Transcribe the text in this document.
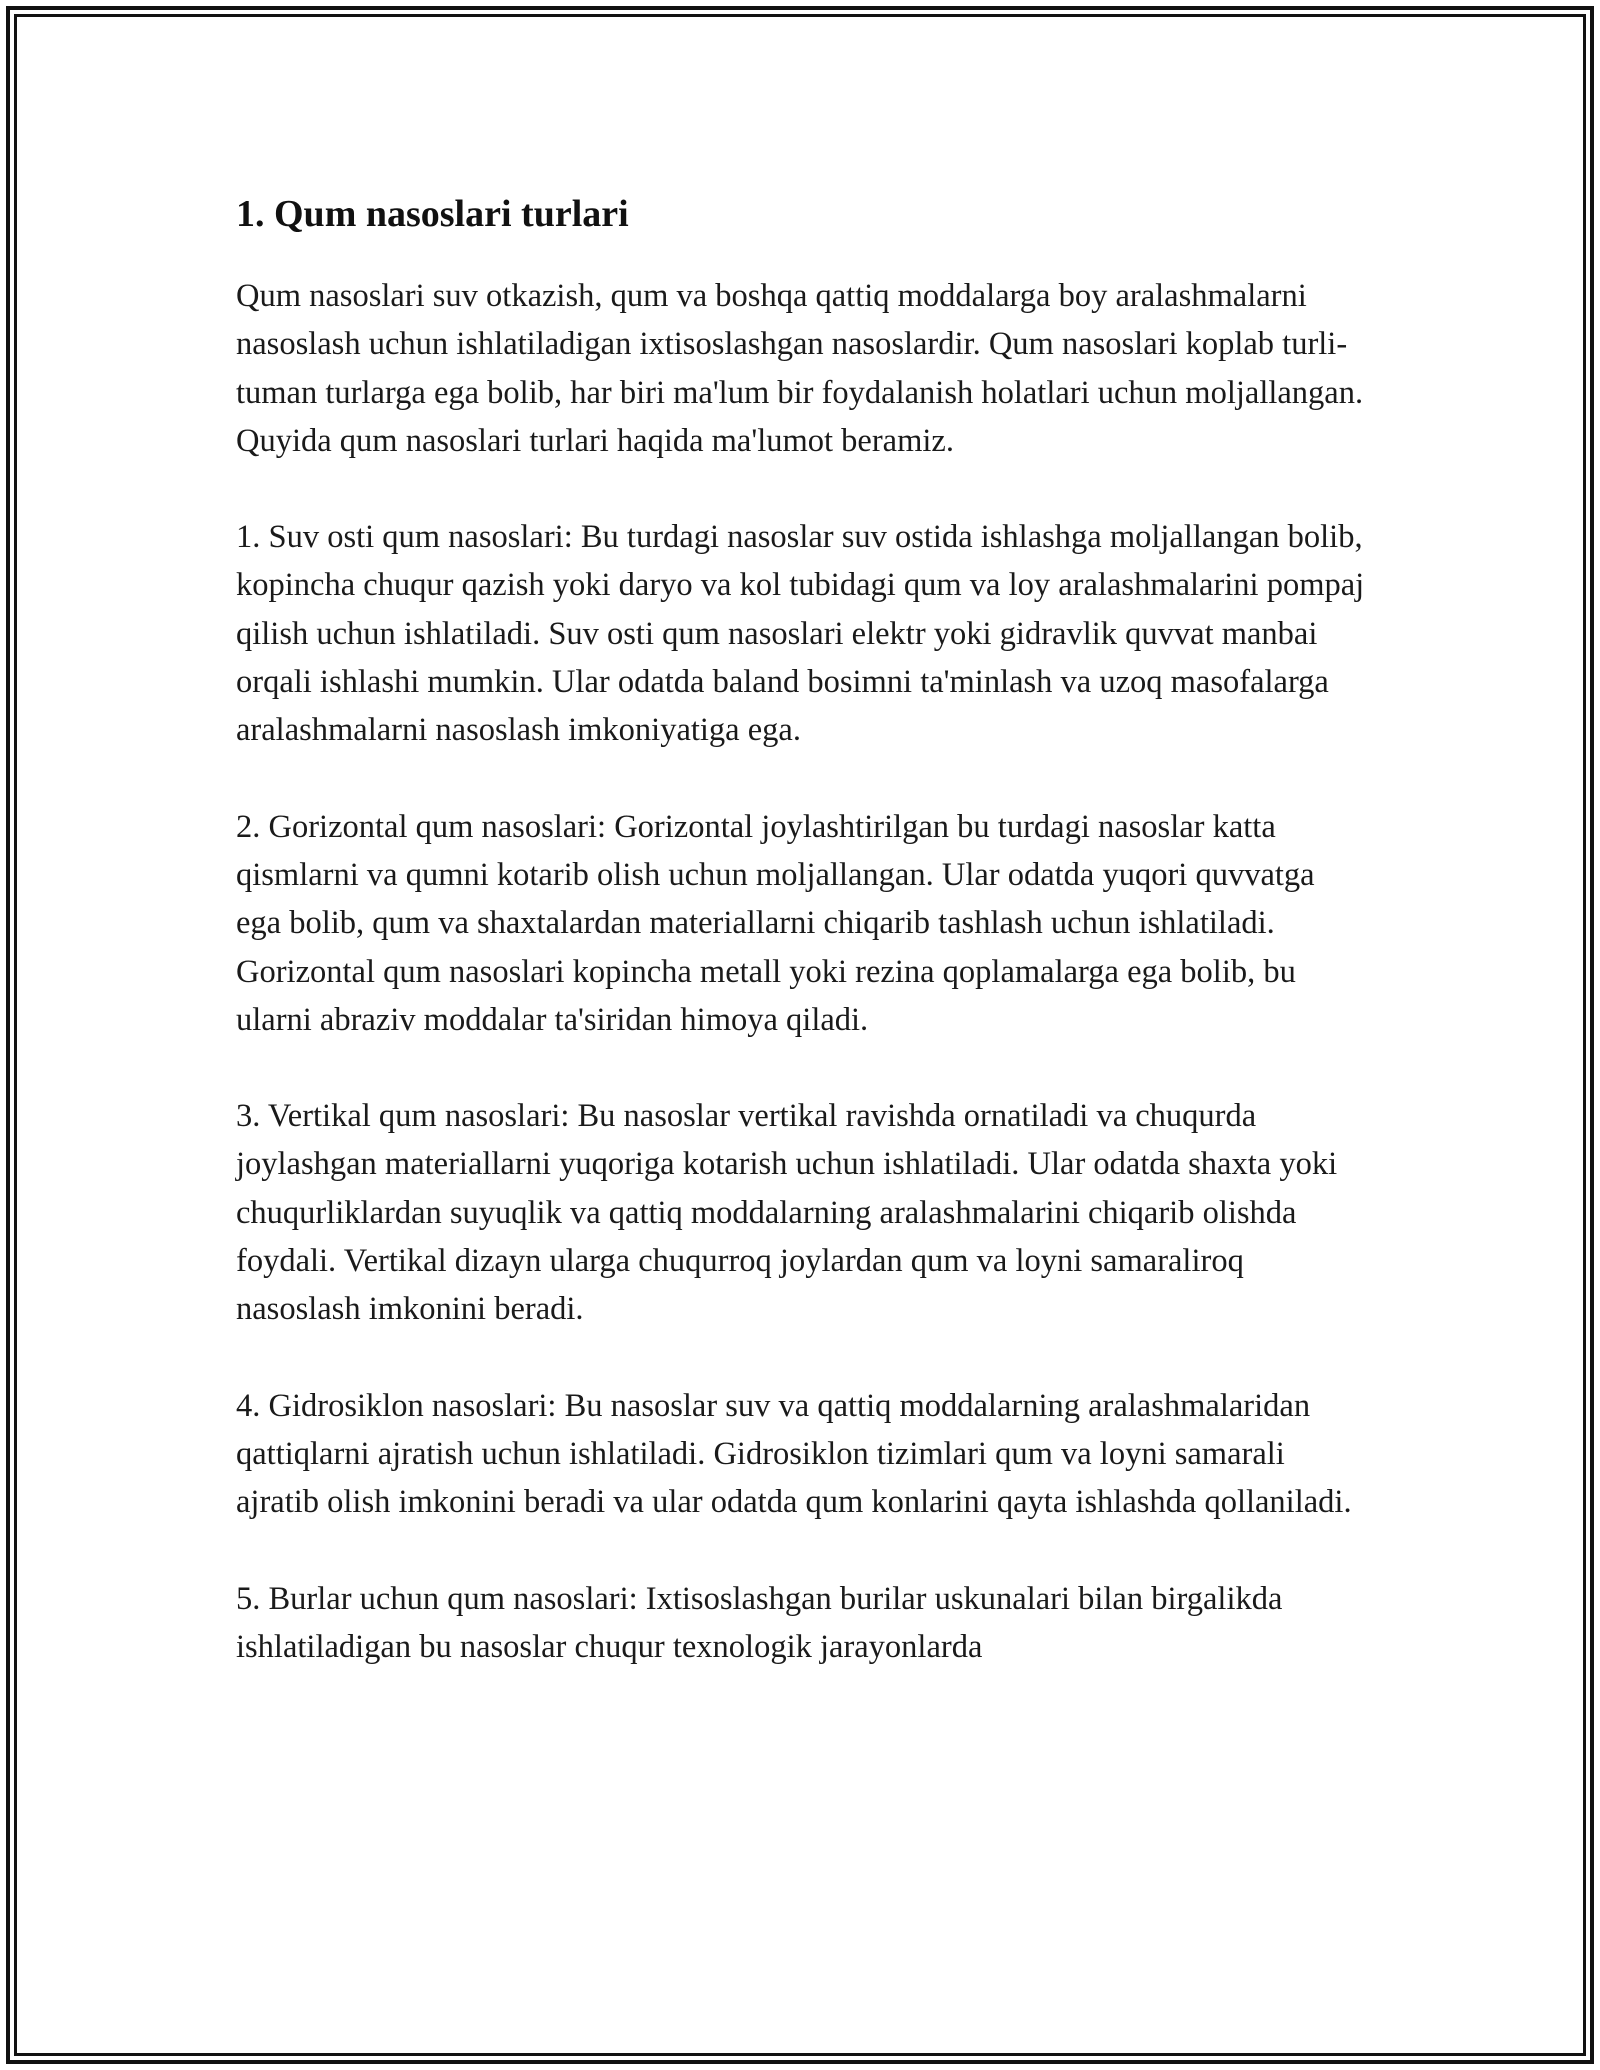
1. Qum nasoslari turlari

Qum nasoslari suv otkazish, qum va boshqa qattiq moddalarga boy aralashmalarni nasoslash uchun ishlatiladigan ixtisoslashgan nasoslardir. Qum nasoslari koplab turli-tuman turlarga ega bolib, har biri ma'lum bir foydalanish holatlari uchun moljallangan. Quyida qum nasoslari turlari haqida ma'lumot beramiz.

1. Suv osti qum nasoslari: Bu turdagi nasoslar suv ostida ishlashga moljallangan bolib, kopincha chuqur qazish yoki daryo va kol tubidagi qum va loy aralashmalarini pompaj qilish uchun ishlatiladi. Suv osti qum nasoslari elektr yoki gidravlik quvvat manbai orqali ishlashi mumkin. Ular odatda baland bosimni ta'minlash va uzoq masofalarga aralashmalarni nasoslash imkoniyatiga ega.

2. Gorizontal qum nasoslari: Gorizontal joylashtirilgan bu turdagi nasoslar katta qismlarni va qumni kotarib olish uchun moljallangan. Ular odatda yuqori quvvatga ega bolib, qum va shaxtalardan materiallarni chiqarib tashlash uchun ishlatiladi. Gorizontal qum nasoslari kopincha metall yoki rezina qoplamalarga ega bolib, bu ularni abraziv moddalar ta'siridan himoya qiladi.

3. Vertikal qum nasoslari: Bu nasoslar vertikal ravishda ornatiladi va chuqurda joylashgan materiallarni yuqoriga kotarish uchun ishlatiladi. Ular odatda shaxta yoki chuqurliklardan suyuqlik va qattiq moddalarning aralashmalarini chiqarib olishda foydali. Vertikal dizayn ularga chuqurroq joylardan qum va loyni samaraliroq nasoslash imkonini beradi.

4. Gidrosiklon nasoslari: Bu nasoslar suv va qattiq moddalarning aralashmalaridan qattiqlarni ajratish uchun ishlatiladi. Gidrosiklon tizimlari qum va loyni samarali ajratib olish imkonini beradi va ular odatda qum konlarini qayta ishlashda qollaniladi.

5. Burlar uchun qum nasoslari: Ixtisoslashgan burilar uskunalari bilan birgalikda ishlatiladigan bu nasoslar chuqur texnologik jarayonlarda
